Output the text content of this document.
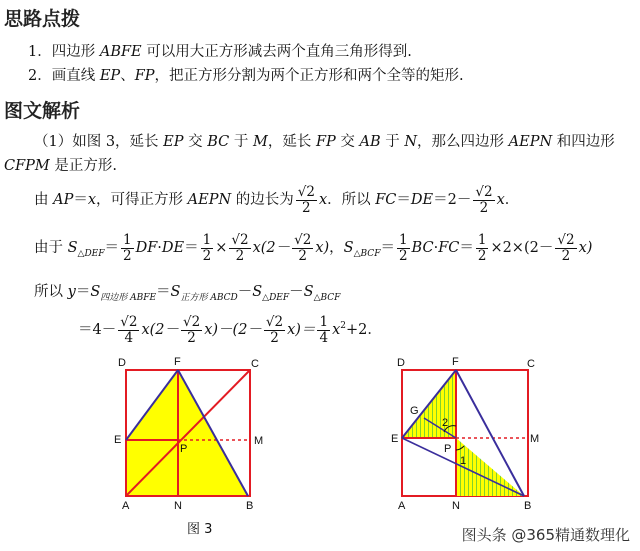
思路点拨
1．四边形 ABFE 可以用大正方形减去两个直角三角形得到.
2．画直线 EP、FP，把正方形分割为两个正方形和两个全等的矩形.
图文解析
（1）如图 3，延长 EP 交 BC 于 M，延长 FP 交 AB 于 N，那么四边形 AEPN 和四边形
CFPM 是正方形.
由 AP＝x，可得正方形 AEPN 的边长为 $\frac{√2}{2}$ x．所以 $FC=DE=2- \frac{√2}{2}$ x．
由于 $S_{\triangle DEF}= \frac{1}{2} DF\cdot DE= \frac{1}{2} \times \frac{√2}{2} x(2- \frac{√2}{2} x)$，$S_{\triangle BCF}= \frac{1}{2} BC\cdot FC= \frac{1}{2} \times 2\times(2- \frac{√2}{2} x)$
所以 $y=S_{四边形 ABFE}=S_{正方形 ABCD}-S_{\triangle DEF}-S_{\triangle BCF}$
$=4- \frac{√2}{4} x(2- \frac{√2}{2} x)-(2- \frac{√2}{2} x)= \frac{1}{4} x^2+2$．
D	F	C
E
P
M
A	N	B
图 3
D	F	C
G
E
P
M
A	N	B
1
2
图头条 @365精通数理化
